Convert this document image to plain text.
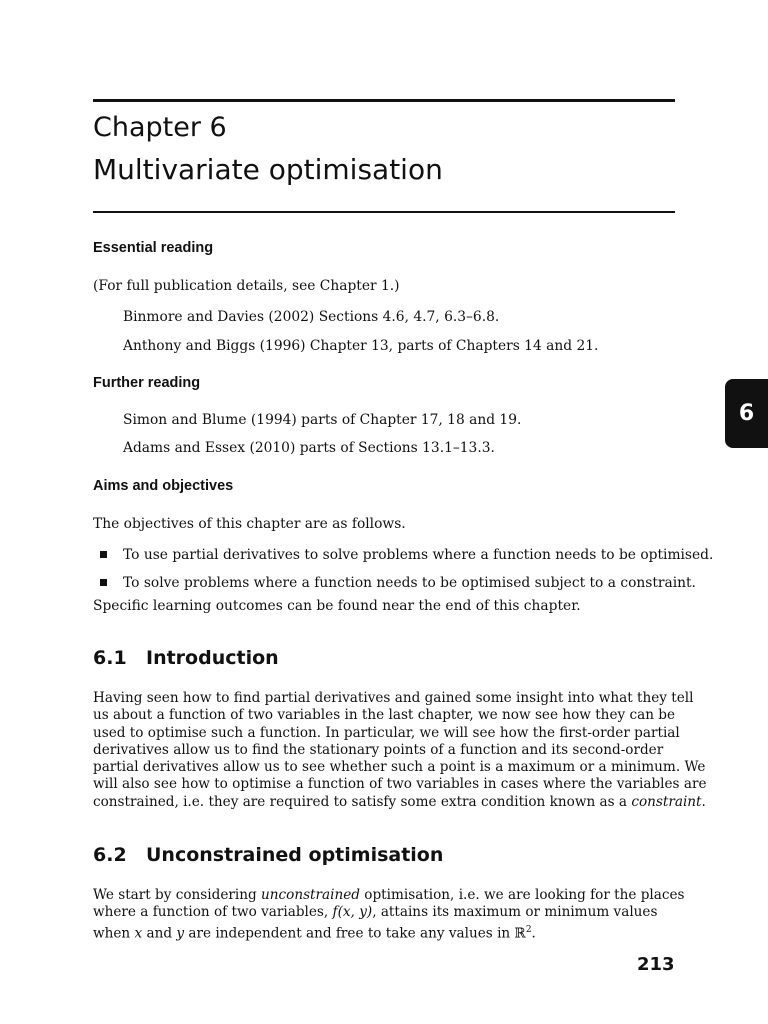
Chapter 6
Multivariate optimisation
Essential reading
(For full publication details, see Chapter 1.)
Binmore and Davies (2002) Sections 4.6, 4.7, 6.3–6.8.
Anthony and Biggs (1996) Chapter 13, parts of Chapters 14 and 21.
Further reading
Simon and Blume (1994) parts of Chapter 17, 18 and 19.
Adams and Essex (2010) parts of Sections 13.1–13.3.
Aims and objectives
The objectives of this chapter are as follows.
To use partial derivatives to solve problems where a function needs to be optimised.
To solve problems where a function needs to be optimised subject to a constraint.
Specific learning outcomes can be found near the end of this chapter.
6.1 Introduction
Having seen how to find partial derivatives and gained some insight into what they tell
us about a function of two variables in the last chapter, we now see how they can be
used to optimise such a function. In particular, we will see how the first-order partial
derivatives allow us to find the stationary points of a function and its second-order
partial derivatives allow us to see whether such a point is a maximum or a minimum. We
will also see how to optimise a function of two variables in cases where the variables are
constrained, i.e. they are required to satisfy some extra condition known as a constraint.
6.2 Unconstrained optimisation
We start by considering unconstrained optimisation, i.e. we are looking for the places
where a function of two variables, f(x, y), attains its maximum or minimum values
when x and y are independent and free to take any values in ℝ$^2$.
6
213
